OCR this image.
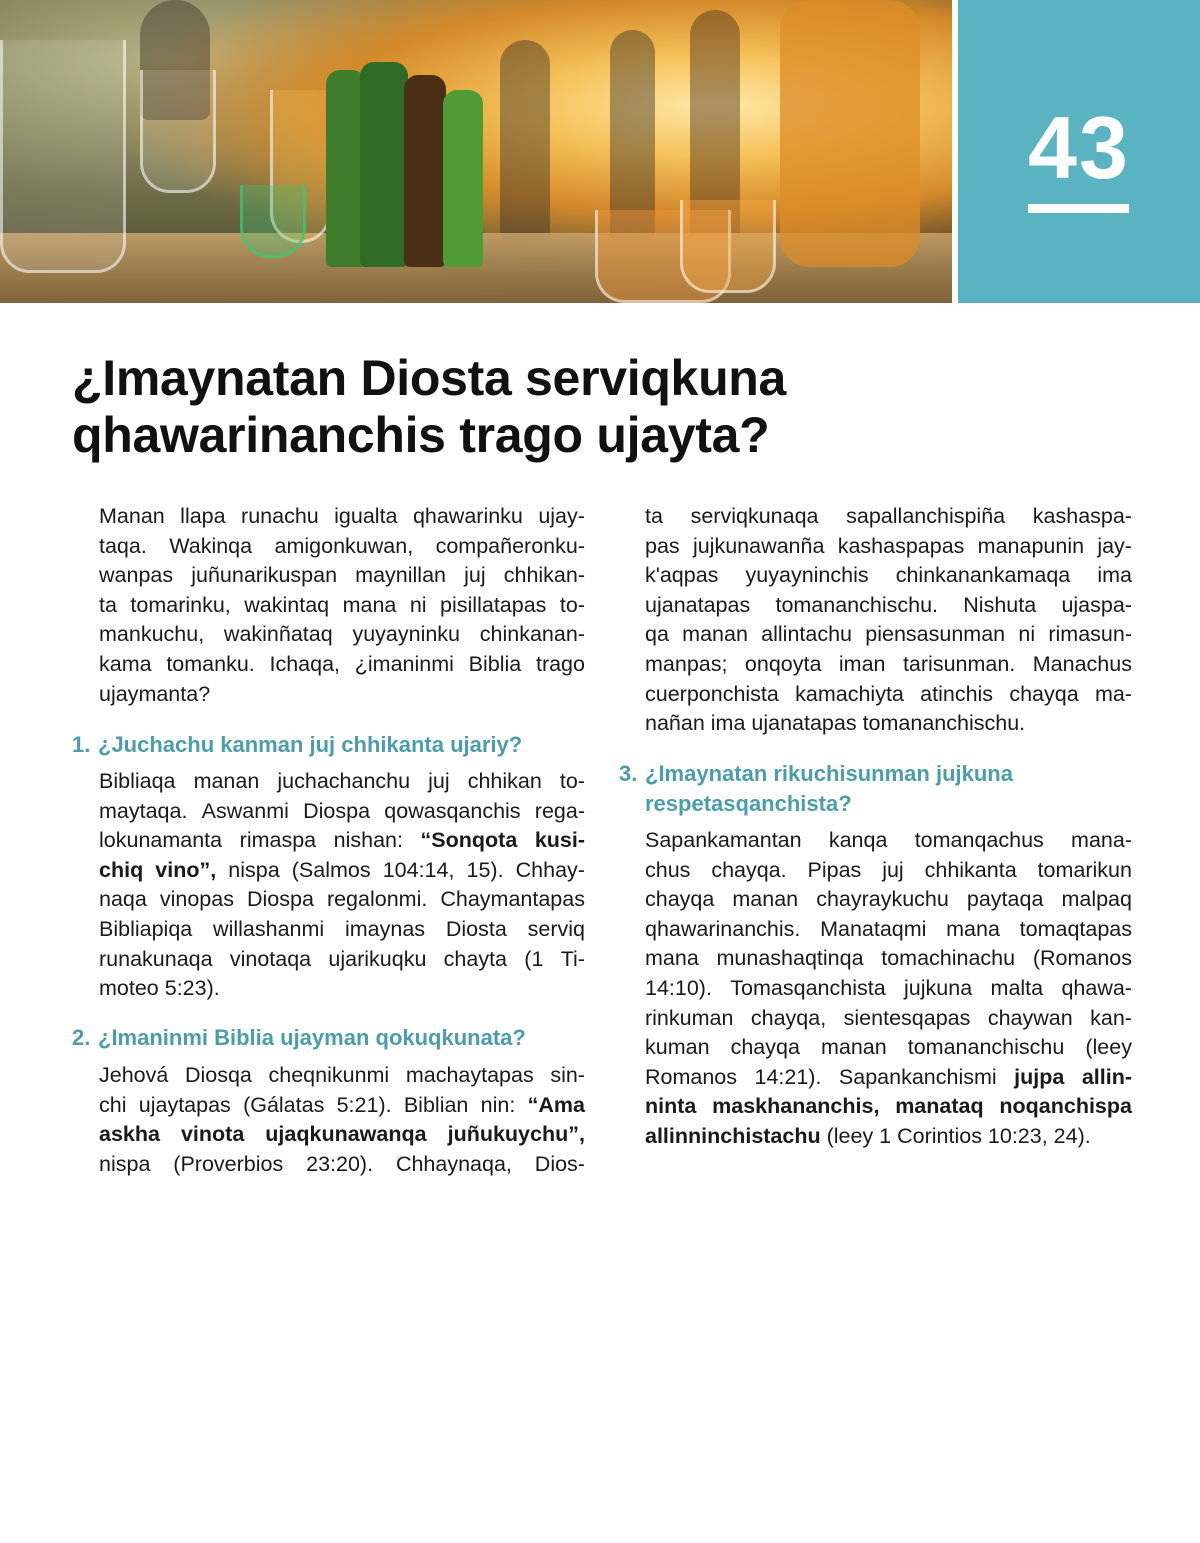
43
¿Imaynatan Diosta serviqkuna
qhawarinanchis trago ujayta?
Manan llapa runachu igualta qhawarinku ujay-
taqa. Wakinqa amigonkuwan, compañeronku-
wanpas juñunarikuspan maynillan juj chhikan-
ta tomarinku, wakintaq mana ni pisillatapas to-
mankuchu, wakinñataq yuyayninku chinkanan-
kama tomanku. Ichaqa, ¿imaninmi Biblia trago
ujaymanta?
1. ¿Juchachu kanman juj chhikanta ujariy?
Bibliaqa manan juchachanchu juj chhikan to-
maytaqa. Aswanmi Diospa qowasqanchis rega-
lokunamanta rimaspa nishan: “Sonqota kusi-
chiq vino”, nispa (Salmos 104:14, 15). Chhay-
naqa vinopas Diospa regalonmi. Chaymantapas
Bibliapiqa willashanmi imaynas Diosta serviq
runakunaqa vinotaqa ujarikuqku chayta (1 Ti-
moteo 5:23).
2. ¿Imaninmi Biblia ujayman qokuqkunata?
Jehová Diosqa cheqnikunmi machaytapas sin-
chi ujaytapas (Gálatas 5:21). Biblian nin: “Ama
askha vinota ujaqkunawanqa juñukuychu”,
nispa (Proverbios 23:20). Chhaynaqa, Dios-
3. ¿Imaynatan rikuchisunman jujkuna
respetasqanchista?
Sapankamantan kanqa tomanqachus mana-
chus chayqa. Pipas juj chhikanta tomarikun
chayqa manan chayraykuchu paytaqa malpaq
qhawarinanchis. Manataqmi mana tomaqtapas
mana munashaqtinqa tomachinachu (Romanos
14:10). Tomasqanchista jujkuna malta qhawa-
rinkuman chayqa, sientesqapas chaywan kan-
kuman chayqa manan tomananchischu (leey
Romanos 14:21). Sapankanchismi jujpa allin-
ninta maskhananchis, manataq noqanchispa
allinninchistachu (leey 1 Corintios 10:23, 24).
ta serviqkunaqa sapallanchispiña kashaspa-
pas jujkunawanña kashaspapas manapunin jay-
k'aqpas yuyayninchis chinkanankamaqa ima
ujanatapas tomananchischu. Nishuta ujaspa-
qa manan allintachu piensasunman ni rimasun-
manpas; onqoyta iman tarisunman. Manachus
cuerponchista kamachiyta atinchis chayqa ma-
nañan ima ujanatapas tomananchischu.
